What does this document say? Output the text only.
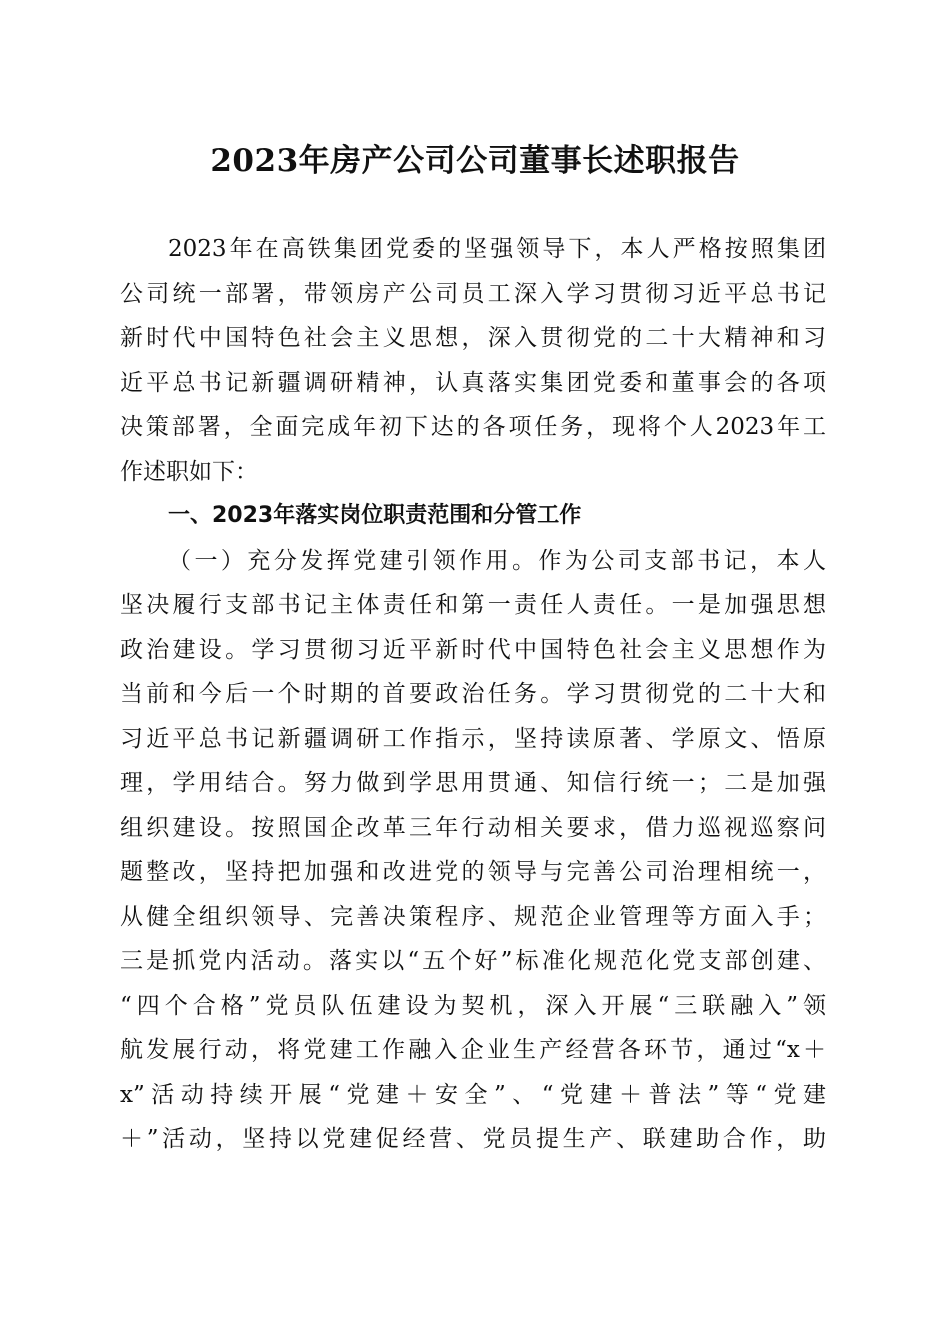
2023年房产公司公司董事长述职报告
2023年在高铁集团党委的坚强领导下，本人严格按照集团
公司统一部署，带领房产公司员工深入学习贯彻习近平总书记
新时代中国特色社会主义思想，深入贯彻党的二十大精神和习
近平总书记新疆调研精神，认真落实集团党委和董事会的各项
决策部署，全面完成年初下达的各项任务，现将个人2023年工
作述职如下：
一、2023年落实岗位职责范围和分管工作
（一）充分发挥党建引领作用。作为公司支部书记，本人
坚决履行支部书记主体责任和第一责任人责任。一是加强思想
政治建设。学习贯彻习近平新时代中国特色社会主义思想作为
当前和今后一个时期的首要政治任务。学习贯彻党的二十大和
习近平总书记新疆调研工作指示，坚持读原著、学原文、悟原
理，学用结合。努力做到学思用贯通、知信行统一；二是加强
组织建设。按照国企改革三年行动相关要求，借力巡视巡察问
题整改，坚持把加强和改进党的领导与完善公司治理相统一，
从健全组织领导、完善决策程序、规范企业管理等方面入手；
三是抓党内活动。落实以“五个好”标准化规范化党支部创建、
“四个合格”党员队伍建设为契机，深入开展“三联融入”领
航发展行动，将党建工作融入企业生产经营各环节，通过“x＋
x”活动持续开展“党建＋安全”、“党建＋普法”等“党建
＋”活动，坚持以党建促经营、党员提生产、联建助合作，助
